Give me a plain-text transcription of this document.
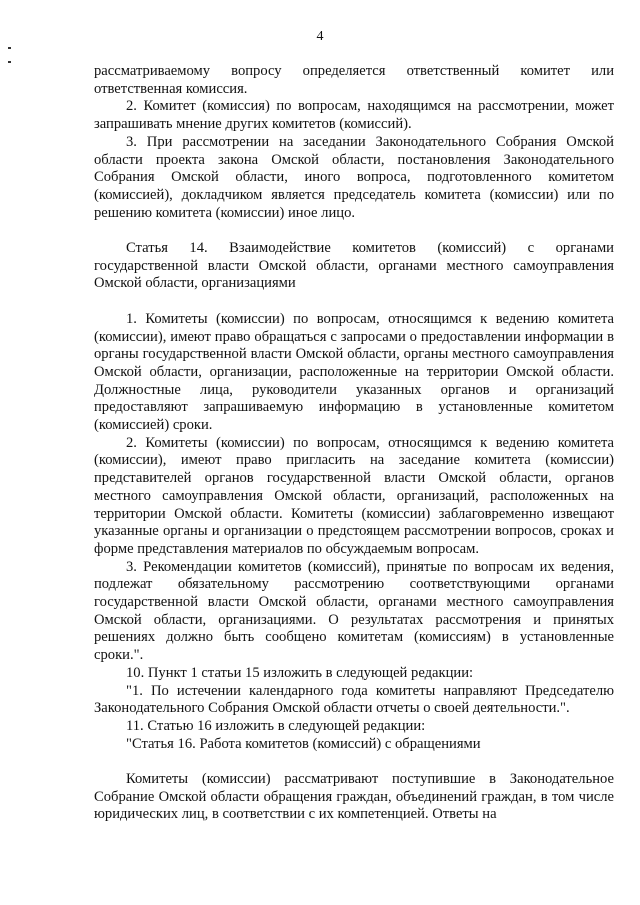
4

рассматриваемому вопросу определяется ответственный комитет или ответственная комиссия.

2. Комитет (комиссия) по вопросам, находящимся на рассмотрении, может запрашивать мнение других комитетов (комиссий).

3. При рассмотрении на заседании Законодательного Собрания Омской области проекта закона Омской области, постановления Законодательного Собрания Омской области, иного вопроса, подготовленного комитетом (комиссией), докладчиком является председатель комитета (комиссии) или по решению комитета (комиссии) иное лицо.

Статья 14. Взаимодействие комитетов (комиссий) с органами государственной власти Омской области, органами местного самоуправления Омской области, организациями

1. Комитеты (комиссии) по вопросам, относящимся к ведению комитета (комиссии), имеют право обращаться с запросами о предоставлении информации в органы государственной власти Омской области, органы местного самоуправления Омской области, организации, расположенные на территории Омской области. Должностные лица, руководители указанных органов и организаций предоставляют запрашиваемую информацию в установленные комитетом (комиссией) сроки.

2. Комитеты (комиссии) по вопросам, относящимся к ведению комитета (комиссии), имеют право пригласить на заседание комитета (комиссии) представителей органов государственной власти Омской области, органов местного самоуправления Омской области, организаций, расположенных на территории Омской области. Комитеты (комиссии) заблаговременно извещают указанные органы и организации о предстоящем рассмотрении вопросов, сроках и форме представления материалов по обсуждаемым вопросам.

3. Рекомендации комитетов (комиссий), принятые по вопросам их ведения, подлежат обязательному рассмотрению соответствующими органами государственной власти Омской области, органами местного самоуправления Омской области, организациями. О результатах рассмотрения и принятых решениях должно быть сообщено комитетам (комиссиям) в установленные сроки.".

10. Пункт 1 статьи 15 изложить в следующей редакции:

"1. По истечении календарного года комитеты направляют Председателю Законодательного Собрания Омской области отчеты о своей деятельности.".

11. Статью 16 изложить в следующей редакции:

"Статья 16. Работа комитетов (комиссий) с обращениями

Комитеты (комиссии) рассматривают поступившие в Законодательное Собрание Омской области обращения граждан, объединений граждан, в том числе юридических лиц, в соответствии с их компетенцией. Ответы на
